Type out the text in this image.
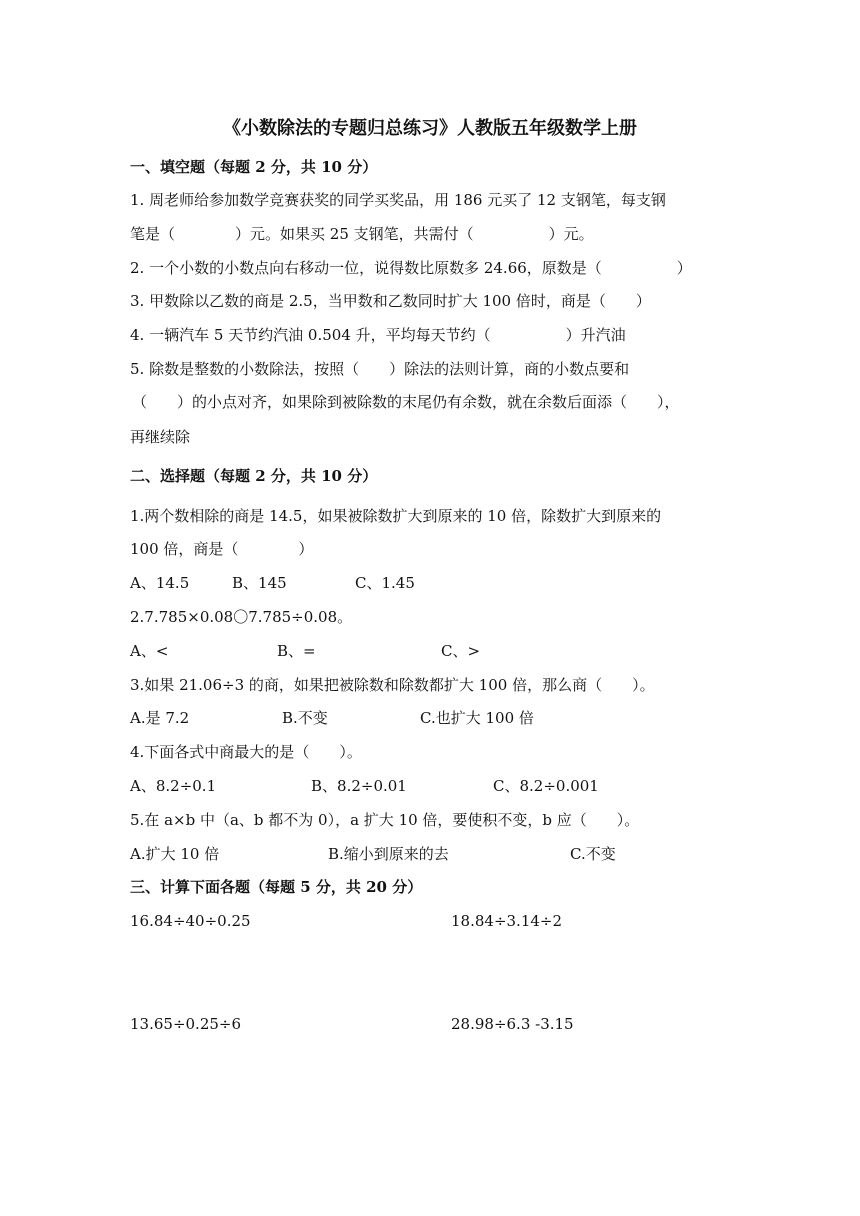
《小数除法的专题归总练习》人教版五年级数学上册
一、填空题（每题 2 分，共 10 分）
1. 周老师给参加数学竞赛获奖的同学买奖品，用 186 元买了 12 支钢笔，每支钢
笔是（　　　　）元。如果买 25 支钢笔，共需付（　　　　　）元。
2. 一个小数的小数点向右移动一位，说得数比原数多 24.66，原数是（　　　　　）
3. 甲数除以乙数的商是 2.5，当甲数和乙数同时扩大 100 倍时，商是（　　）
4. 一辆汽车 5 天节约汽油 0.504 升，平均每天节约（　　　　　）升汽油
5. 除数是整数的小数除法，按照（　　）除法的法则计算，商的小数点要和
（　　）的小点对齐，如果除到被除数的末尾仍有余数，就在余数后面添（　　），
再继续除
二、选择题（每题 2 分，共 10 分）
1.两个数相除的商是 14.5，如果被除数扩大到原来的 10 倍，除数扩大到原来的
100 倍，商是（　　　　）
A、14.5	B、145	C、1.45
2.7.785×0.08〇7.785÷0.08。
A、<	B、=	C、>
3.如果 21.06÷3 的商，如果把被除数和除数都扩大 100 倍，那么商（　　）。
A.是 7.2	B.不变	C.也扩大 100 倍
4.下面各式中商最大的是（　　）。
A、8.2÷0.1	B、8.2÷0.01	C、8.2÷0.001
5.在 a×b 中（a、b 都不为 0），a 扩大 10 倍，要使积不变，b 应（　　）。
A.扩大 10 倍	B.缩小到原来的去	C.不变
三、计算下面各题（每题 5 分，共 20 分）
16.84÷40÷0.25	18.84÷3.14÷2
13.65÷0.25÷6	28.98÷6.3 -3.15
